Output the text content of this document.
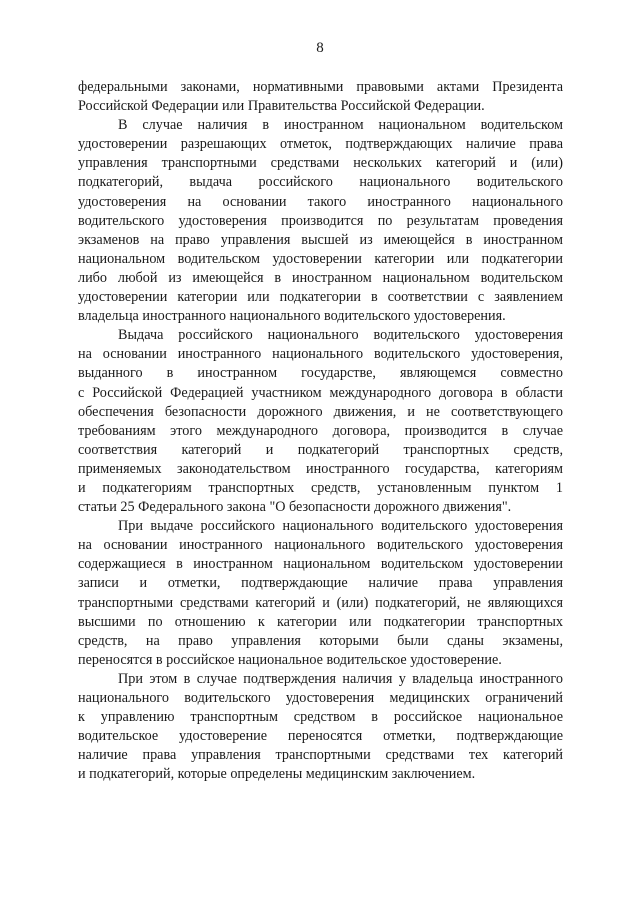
8

федеральными законами, нормативными правовыми актами Президента
Российской Федерации или Правительства Российской Федерации.

В случае наличия в иностранном национальном водительском
удостоверении разрешающих отметок, подтверждающих наличие права
управления транспортными средствами нескольких категорий и (или)
подкатегорий, выдача российского национального водительского
удостоверения на основании такого иностранного национального
водительского удостоверения производится по результатам проведения
экзаменов на право управления высшей из имеющейся в иностранном
национальном водительском удостоверении категории или подкатегории
либо любой из имеющейся в иностранном национальном водительском
удостоверении категории или подкатегории в соответствии с заявлением
владельца иностранного национального водительского удостоверения.

Выдача российского национального водительского удостоверения
на основании иностранного национального водительского удостоверения,
выданного в иностранном государстве, являющемся совместно
с Российской Федерацией участником международного договора в области
обеспечения безопасности дорожного движения, и не соответствующего
требованиям этого международного договора, производится в случае
соответствия категорий и подкатегорий транспортных средств,
применяемых законодательством иностранного государства, категориям
и подкатегориям транспортных средств, установленным пунктом 1
статьи 25 Федерального закона "О безопасности дорожного движения".

При выдаче российского национального водительского удостоверения
на основании иностранного национального водительского удостоверения
содержащиеся в иностранном национальном водительском удостоверении
записи и отметки, подтверждающие наличие права управления
транспортными средствами категорий и (или) подкатегорий, не являющихся
высшими по отношению к категории или подкатегории транспортных
средств, на право управления которыми были сданы экзамены,
переносятся в российское национальное водительское удостоверение.

При этом в случае подтверждения наличия у владельца иностранного
национального водительского удостоверения медицинских ограничений
к управлению транспортным средством в российское национальное
водительское удостоверение переносятся отметки, подтверждающие
наличие права управления транспортными средствами тех категорий
и подкатегорий, которые определены медицинским заключением.
